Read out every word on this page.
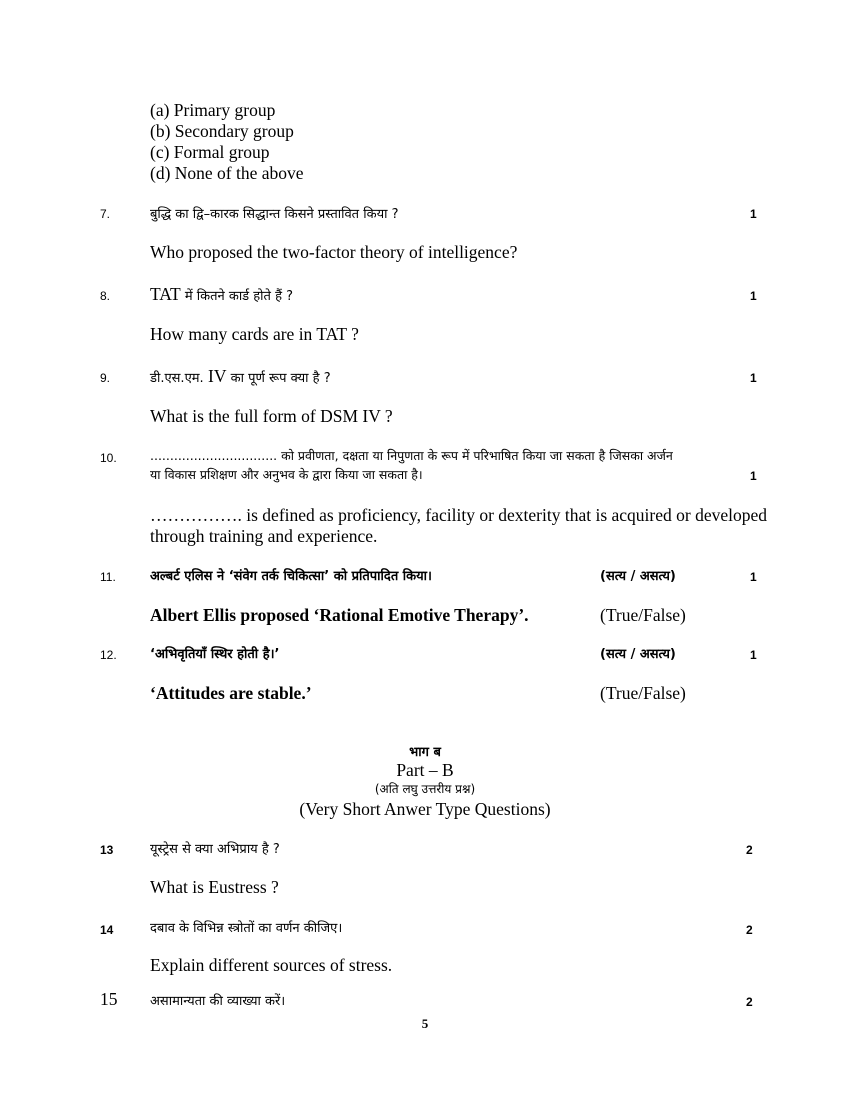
(a) Primary group
(b) Secondary group
(c) Formal group
(d) None of the above
7.	बुद्धि का द्वि–कारक सिद्धान्त किसने प्रस्तावित किया ?	1
Who proposed the two-factor theory of intelligence?
8. TAT में कितने कार्ड होते हैं ?	1
How many cards are in TAT ?
9.	डी.एस.एम. IV का पूर्ण रूप क्या है ?	1
What is the full form of DSM IV ?
10.	................................ को प्रवीणता, दक्षता या निपुणता के रूप में परिभाषित किया जा सकता है जिसका अर्जन
या विकास प्रशिक्षण और अनुभव के द्वारा किया जा सकता है।	1
……………. is defined as proficiency, facility or dexterity that is acquired or developed
through training and experience.
11.	अल्बर्ट एलिस ने ‘संवेग तर्क चिकित्सा’ को प्रतिपादित किया।	(सत्य / असत्य)	1
Albert Ellis proposed ‘Rational Emotive Therapy’.	(True/False)
12.	‘अभिवृतियाँ स्थिर होती है।’	(सत्य / असत्य)	1
‘Attitudes are stable.’	(True/False)
भाग ब
Part – B
(अति लघु उत्तरीय प्रश्न)
(Very Short Anwer Type Questions)
13	यूस्ट्रेस से क्या अभिप्राय है ?	2
What is Eustress ?
14	दबाव के विभिन्न स्त्रोतों का वर्णन कीजिए।	2
Explain different sources of stress.
15	असामान्यता की व्याख्या करें।	2
5
